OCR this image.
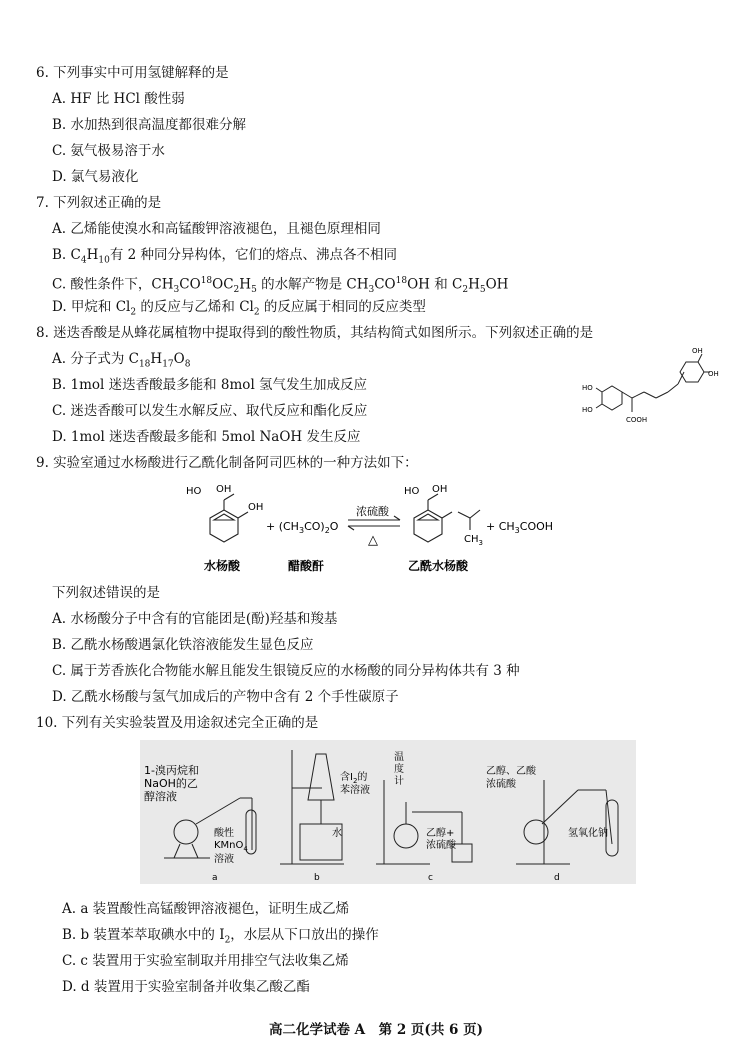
6. 下列事实中可用氢键解释的是
A. HF 比 HCl 酸性弱
B. 水加热到很高温度都很难分解
C. 氨气极易溶于水
D. 氯气易液化
7. 下列叙述正确的是
A. 乙烯能使溴水和高锰酸钾溶液褪色，且褪色原理相同
B. $C_4H_{10}$有 2 种同分异构体，它们的熔点、沸点各不相同
C. 酸性条件下，$CH_3CO^{18}OC_2H_5$ 的水解产物是 $CH_3CO^{18}OH$ 和 $C_2H_5OH$
D. 甲烷和 $Cl_2$ 的反应与乙烯和 $Cl_2$ 的反应属于相同的反应类型
8. 迷迭香酸是从蜂花属植物中提取得到的酸性物质，其结构简式如图所示。下列叙述正确的是
A. 分子式为 $C_{18}H_{17}O_8$
B. 1mol 迷迭香酸最多能和 8mol 氢气发生加成反应
C. 迷迭香酸可以发生水解反应、取代反应和酯化反应
D. 1mol 迷迭香酸最多能和 5mol NaOH 发生反应
HO
HO
OH
OH
COOH
9. 实验室通过水杨酸进行乙酰化制备阿司匹林的一种方法如下：
HO OH
OH
+ $(CH_3CO)_2O$
浓硫酸
△
HO OH
$CH_3$
+ $CH_3COOH$
水杨酸	醋酸酐	乙酰水杨酸
下列叙述错误的是
A. 水杨酸分子中含有的官能团是(酚)羟基和羧基
B. 乙酰水杨酸遇氯化铁溶液能发生显色反应
C. 属于芳香族化合物能水解且能发生银镜反应的水杨酸的同分异构体共有 3 种
D. 乙酰水杨酸与氢气加成后的产物中含有 2 个手性碳原子
10. 下列有关实验装置及用途叙述完全正确的是
1-溴丙烷和
NaOH的乙
醇溶液
酸性
KMnO$_4$
溶液
含$I_2$的
苯溶液
水
温
度
计
乙醇+
浓硫酸
乙醇、乙酸
浓硫酸
氢氧化钠
a	b	c	d
A. a 装置酸性高锰酸钾溶液褪色，证明生成乙烯
B. b 装置苯萃取碘水中的 $I_2$，水层从下口放出的操作
C. c 装置用于实验室制取并用排空气法收集乙烯
D. d 装置用于实验室制备并收集乙酸乙酯
高二化学试卷 A　第 2 页(共 6 页)
